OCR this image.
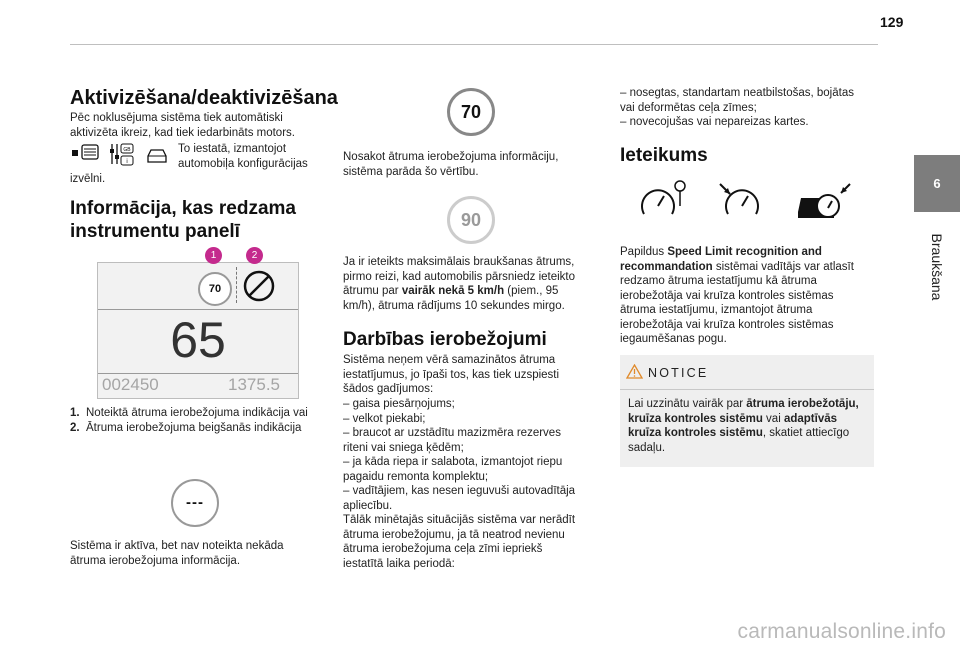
129
6
Braukšana
Aktivizēšana/deaktivizēšana

Pēc noklusējuma sistēma tiek automātiski aktivizēta ikreiz, kad tiek iedarbināts motors.

GB
i

To iestatā, izmantojot
automobiļa konfigurācijas

izvēlni.

Informācija, kas redzama instrumentu panelī
70
65
002450	1375.5
1	2
1. Noteiktā ātruma ierobežojuma indikācija vai
2. Ātruma ierobežojuma beigšanās indikācija
---

Sistēma ir aktīva, bet nav noteikta nekāda ātruma ierobežojuma informācija.

70

Nosakot ātruma ierobežojuma informāciju, sistēma parāda šo vērtību.

90

Ja ir ieteikts maksimālais braukšanas ātrums, pirmo reizi, kad automobilis pārsniedz ieteikto ātrumu par vairāk nekā 5 km/h (piem., 95 km/h), ātruma rādījums 10 sekundes mirgo.

Darbības ierobežojumi

Sistēma neņem vērā samazinātos ātruma iestatījumus, jo īpaši tos, kas tiek uzspiesti šādos gadījumos:

– gaisa piesārņojums;

– velkot piekabi;

– braucot ar uzstādītu mazizmēra rezerves riteni vai sniega ķēdēm;

– ja kāda riepa ir salabota, izmantojot riepu pagaidu remonta komplektu;

– vadītājiem, kas nesen ieguvuši autovadītāja apliecību.

Tālāk minētajās situācijās sistēma var nerādīt ātruma ierobežojumu, ja tā neatrod nevienu ātruma ierobežojuma ceļa zīmi iepriekš iestatītā laika periodā:

– nosegtas, standartam neatbilstošas, bojātas vai deformētas ceļa zīmes;

– novecojušas vai nepareizas kartes.

Ieteikums

Papildus Speed Limit recognition and recommandation sistēmai vadītājs var atlasīt redzamo ātruma iestatījumu kā ātruma ierobežotāja vai kruīza kontroles sistēmas ātruma iestatījumu, izmantojot ātruma ierobežotāja vai kruīza kontroles sistēmas iegaumēšanas pogu.

NOTICE

Lai uzzinātu vairāk par ātruma ierobežotāju, kruīza kontroles sistēmu vai adaptīvās kruīza kontroles sistēmu, skatiet attiecīgo sadaļu.

carmanualsonline.info
